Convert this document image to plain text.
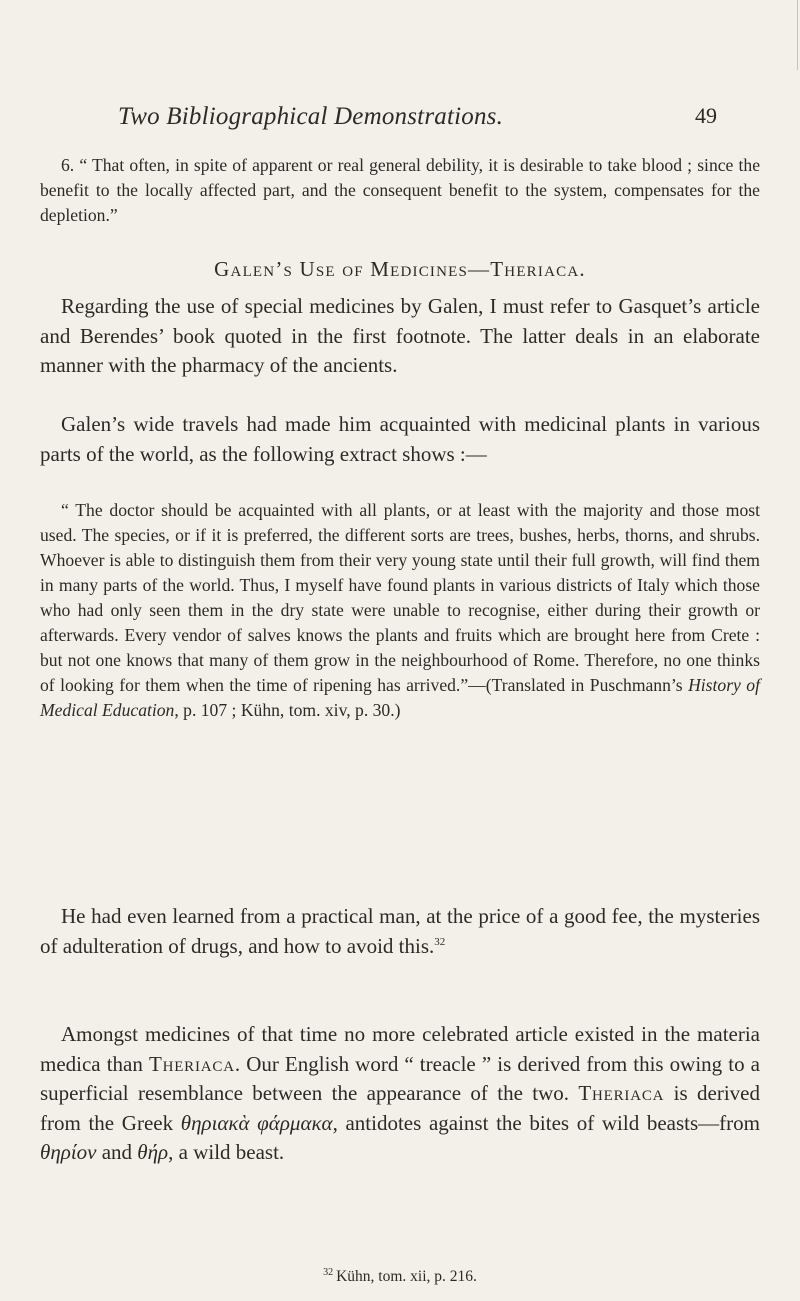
Two Bibliographical Demonstrations.	49

6. “ That often, in spite of apparent or real general debility, it is desirable to take blood ; since the benefit to the locally affected part, and the consequent benefit to the system, compensates for the depletion.”

Galen’s Use of Medicines—Theriaca.

Regarding the use of special medicines by Galen, I must refer to Gasquet’s article and Berendes’ book quoted in the first footnote. The latter deals in an elaborate manner with the pharmacy of the ancients.

Galen’s wide travels had made him acquainted with medicinal plants in various parts of the world, as the following extract shows :—

“ The doctor should be acquainted with all plants, or at least with the majority and those most used. The species, or if it is preferred, the different sorts are trees, bushes, herbs, thorns, and shrubs. Whoever is able to distinguish them from their very young state until their full growth, will find them in many parts of the world. Thus, I myself have found plants in various districts of Italy which those who had only seen them in the dry state were unable to recognise, either during their growth or afterwards. Every vendor of salves knows the plants and fruits which are brought here from Crete : but not one knows that many of them grow in the neighbourhood of Rome. Therefore, no one thinks of looking for them when the time of ripening has arrived.”—(Translated in Puschmann’s History of Medical Education, p. 107 ; Kühn, tom. xiv, p. 30.)

He had even learned from a practical man, at the price of a good fee, the mysteries of adulteration of drugs, and how to avoid this.$^{32}$

Amongst medicines of that time no more celebrated article existed in the materia medica than Theriaca. Our English word “ treacle ” is derived from this owing to a superficial resemblance between the appearance of the two. Theriaca is derived from the Greek θηριακὰ φάρμακα, antidotes against the bites of wild beasts—from θηρίον and θήρ, a wild beast.

$^{32}$ Kühn, tom. xii, p. 216.
